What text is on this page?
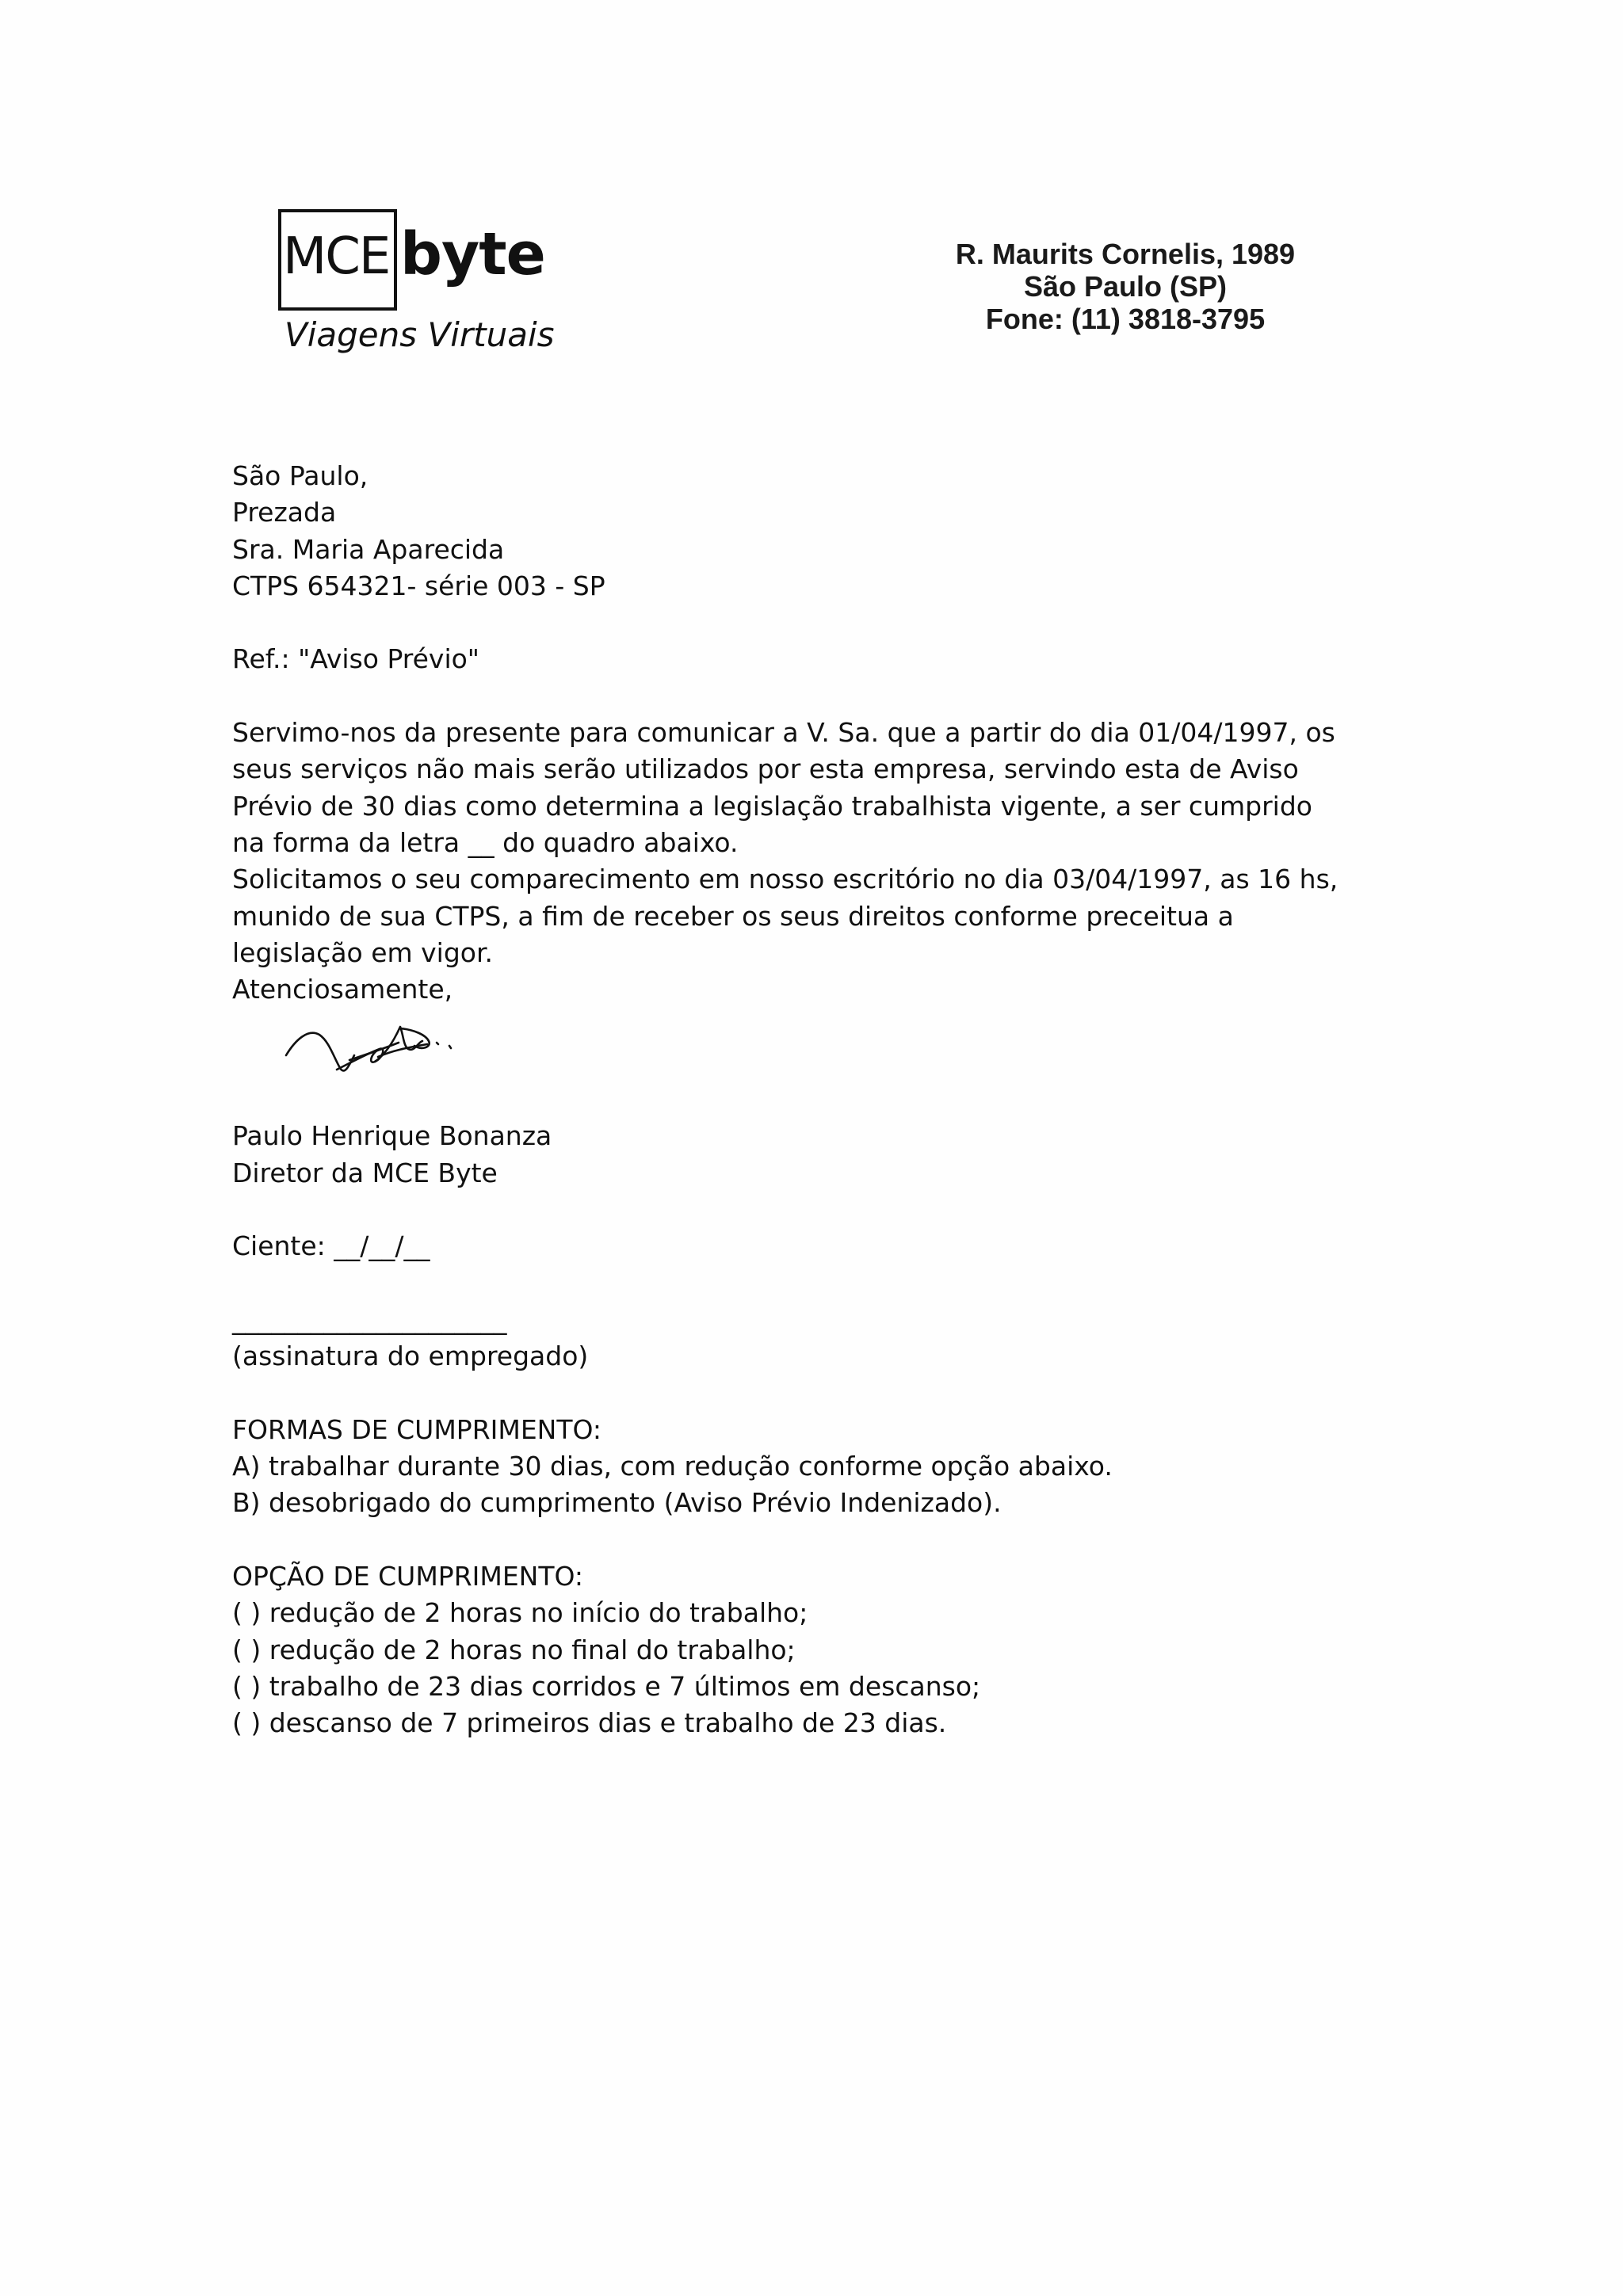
MCE byte
Viagens Virtuais
R. Maurits Cornelis, 1989
São Paulo (SP)
Fone: (11) 3818-3795
São Paulo,
Prezada
Sra. Maria Aparecida
CTPS 654321- série 003 - SP
Ref.: "Aviso Prévio"
Servimo-nos da presente para comunicar a V. Sa. que a partir do dia 01/04/1997, os
seus serviços não mais serão utilizados por esta empresa, servindo esta de Aviso
Prévio de 30 dias como determina a legislação trabalhista vigente, a ser cumprido
na forma da letra __ do quadro abaixo.
Solicitamos o seu comparecimento em nosso escritório no dia 03/04/1997, as 16 hs,
munido de sua CTPS, a fim de receber os seus direitos conforme preceitua a
legislação em vigor.
Atenciosamente,
Paulo Henrique Bonanza
Diretor da MCE Byte
Ciente: __/__/__
_____________________
(assinatura do empregado)
FORMAS DE CUMPRIMENTO:
A) trabalhar durante 30 dias, com redução conforme opção abaixo.
B) desobrigado do cumprimento (Aviso Prévio Indenizado).
OPÇÃO DE CUMPRIMENTO:
( ) redução de 2 horas no início do trabalho;
( ) redução de 2 horas no final do trabalho;
( ) trabalho de 23 dias corridos e 7 últimos em descanso;
( ) descanso de 7 primeiros dias e trabalho de 23 dias.
